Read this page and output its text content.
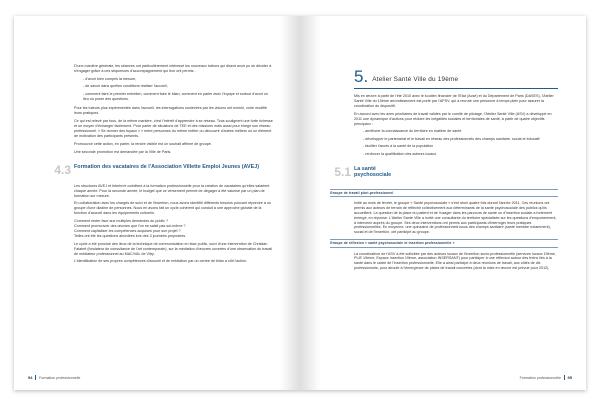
D'une manière générale, les séances ont particulièrement intéressé les nouveaux tuteurs qui disent avoir pu se décider à s'engager grâce à ces séquences d'accompagnement qui leur ont permis :

- d'avoir bien compris la mesure,

- de savoir dans quelles conditions réaliser l'accueil,

- comment faire le premier entretien, comment faire le bilan, comment en parler avec l'équipe et surtout d'avoir un lieu où poser des questions.

Pour les tuteurs plus expérimentés dans l'accueil, les interrogations soulevées par les visions ont enrichi, voire modifié leurs pratiques.

Ce qui est relevé par tous, de la même manière, c'est l'intérêt d'apprendre à se réseau. Tous soulignent une forte richesse et un moyen d'échanger facilement. Pour parler de situations de TEE et des missions mais aussi pour élargir son réseau professionnel. « Se donner des tuyaux » « entre personnes du même métier ou découvrir d'autres métiers où un élément de motivation des participants présents.

Promouvoir cette action, en parler, la rendre visible est un souhait affirmé de groupe.

Une seconde promotion est demandée par la Ville de Paris.

4.3 Formation des vacataires de l'Association Villette Emploi Jeunes (AVEJ)

Les structures AVEJ et Interim/e coéditent à la formation professionnelle pour la création de vacataires qu'elles salarient chaque année. Pour la seconde année, le budget que ce versement permet de dégager a été valorisé par un plan de formation sur mesure.

En collaboration avec les chargés de suivi et de l'insertion, nous avons identifié différents besoins pouvant répondre à un groupe d'une dizaine de personnes. Nous en avons fait un cycle cohérent qui conduit à une approche globale de la fonction d'accueil dans les équipements culturels.

Comment rester face aux multiples demandes du public ?

Comment promouvoir des œuvres que l'on ne saisit pas soi-même ?

Comment capitaliser les compétences acquises pour son projet ?

Telles ont été les questions abordées lors des 3 journées proposées.

Le cycle a été ponctué des lieux de la technique de communication en face public, suivi d'une intervention de Christian Falabet (fondateur de consultance de l'art contemporain), sur la médiation d'œuvres ouvertes d'une observation du travail de médiateur professionnel au MAC/VAL de Vitry.

L'identification de ses propres compétences d'accueil et de médiation par un centre de bilan a clôt l'action.

94 Formation professionnelle
5. Atelier Santé Ville du 19ème

Mis en œuvre à partir de l'été 2010 avec le soutien financier de l'Etat (Acsé) et du Département de Paris (DASES), l'Atelier Santé Ville du 19ème arrondissement est porté par l'APSV, qui a recruté une personne à temps plein pour assurer la coordination du dispositif.

En accord avec les axes prioritaires de travail validés par le comité de pilotage, l'Atelier Santé Ville (ASV) a développé en 2011 une dynamique d'actions pour réduire les inégalités sociales et territoriales de santé, à partir de quatre objectifs principaux :

- améliorer la connaissance du territoire en matière de santé

- développer le partenariat et le travail en réseau des professionnels des champs sanitaire, social et éducatif

- faciliter l'accès à la santé de la population

- renforcer la qualification des acteurs locaux.

5.1 La santé psychosociale
Groupe de travail pluri-professionnel

Initié au mois de février, le groupe « Santé psychosociale » s'est réuni quatre fois durant l'année 2011. Ces réunions ont permis aux acteurs de terrain de réfléchir collectivement aux déterminants de la santé psychosociale des publics qu'ils accueillent. La question de la place du patient et de l'usager dans les parcours de santé ou d'insertion sociale a fortement émergé, en réponse. L'Atelier Santé Ville a invité une consultante du territoire spécialisée sur les questions d'empowerment, à intervenir auprès du groupe. Ses deux interventions ont permis aux participants d'interroger leurs pratiques professionnelles. En moyenne, une quinzaine de professionnels issus des champs sanitaire (santé mentale notamment), social et de l'insertion, ont participé au groupe.

Groupe de réflexion « santé psychosociale et insertion professionnelle »

La coordinatrice de l'ASV a été sollicitée par des acteurs locaux de l'insertion socio-professionnelle (services locaux 19ème, PLIE 19ème, Espace Insertion 19ème, association INSERSANT) pour participer à une réflexion autour des freins liés à la santé dans le cadre de l'insertion professionnelle. Elle a ainsi participé à deux réunions de travail, aux côtés de dix professionnels, pour aboutir à l'émergence de pistes de travail concrètes (dont la mise en œuvre est prévue pour 2012).

Formation professionnelle 95
